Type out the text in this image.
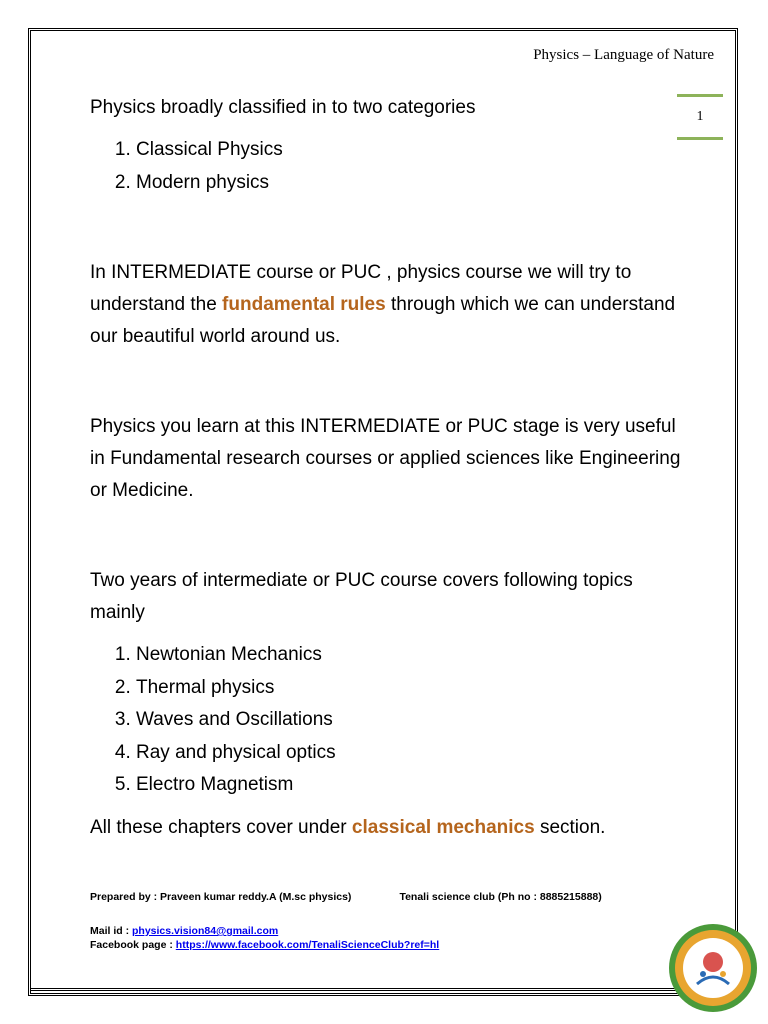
Physics – Language of Nature
1

Physics broadly classified in to two categories

1. Classical Physics
2. Modern physics

In INTERMEDIATE course or PUC , physics course we will try to understand the fundamental rules through which we can understand our beautiful world around us.

Physics you learn at this INTERMEDIATE or PUC stage is very useful in Fundamental research courses or applied sciences like Engineering or Medicine.

Two years of intermediate or PUC course covers following topics mainly

1. Newtonian Mechanics
2. Thermal physics
3. Waves and Oscillations
4. Ray and physical optics
5. Electro Magnetism

All these chapters cover under classical mechanics section.

Prepared by : Praveen kumar reddy.A (M.sc physics)	Tenali science club (Ph no : 8885215888)
Mail id : physics.vision84@gmail.com
Facebook page : https://www.facebook.com/TenaliScienceClub?ref=hl
